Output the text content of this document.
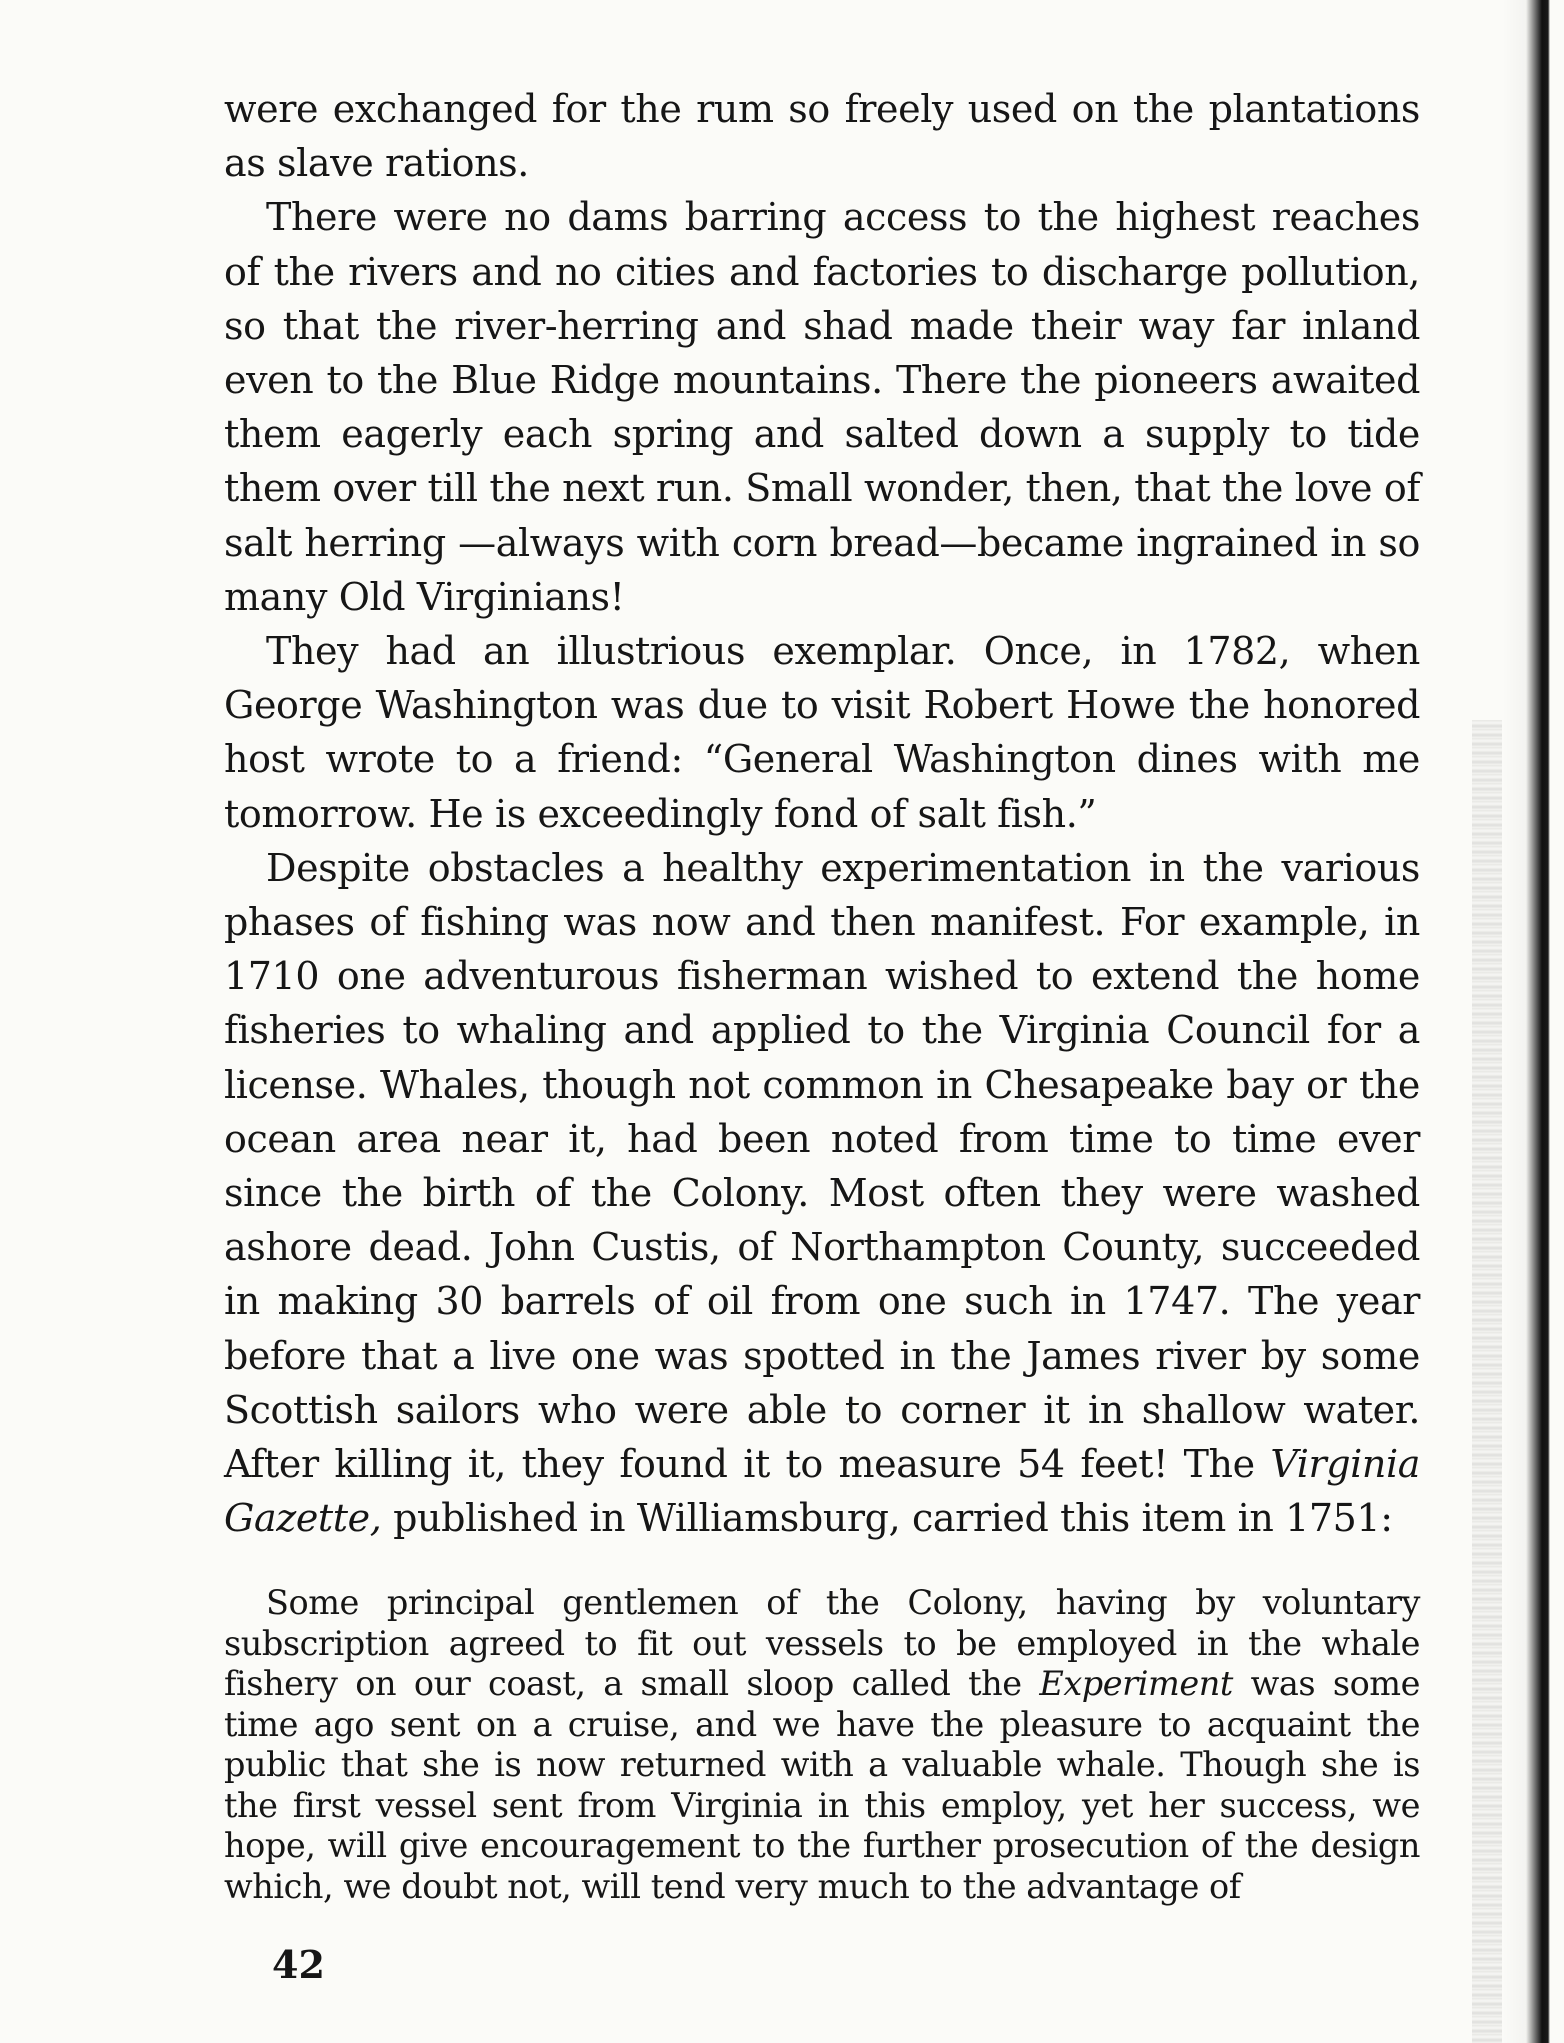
were exchanged for the rum so freely used on the plantations as slave rations.

There were no dams barring access to the highest reaches of the rivers and no cities and factories to discharge pollution, so that the river-herring and shad made their way far inland even to the Blue Ridge mountains. There the pioneers awaited them eagerly each spring and salted down a supply to tide them over till the next run. Small wonder, then, that the love of salt herring —always with corn bread—became ingrained in so many Old Virginians!

They had an illustrious exemplar. Once, in 1782, when George Washington was due to visit Robert Howe the honored host wrote to a friend: “General Washington dines with me tomorrow. He is exceedingly fond of salt fish.”

Despite obstacles a healthy experimentation in the various phases of fishing was now and then manifest. For example, in 1710 one adventurous fisherman wished to extend the home fisheries to whaling and applied to the Virginia Council for a license. Whales, though not common in Chesapeake bay or the ocean area near it, had been noted from time to time ever since the birth of the Colony. Most often they were washed ashore dead. John Custis, of Northampton County, succeeded in making 30 barrels of oil from one such in 1747. The year before that a live one was spotted in the James river by some Scottish sailors who were able to corner it in shallow water. After killing it, they found it to measure 54 feet! The Virginia Gazette, published in Williamsburg, carried this item in 1751:

Some principal gentlemen of the Colony, having by voluntary subscription agreed to fit out vessels to be employed in the whale fishery on our coast, a small sloop called the Experiment was some time ago sent on a cruise, and we have the pleasure to acquaint the public that she is now returned with a valuable whale. Though she is the first vessel sent from Virginia in this employ, yet her success, we hope, will give encouragement to the further prosecution of the design which, we doubt not, will tend very much to the advantage of

42
